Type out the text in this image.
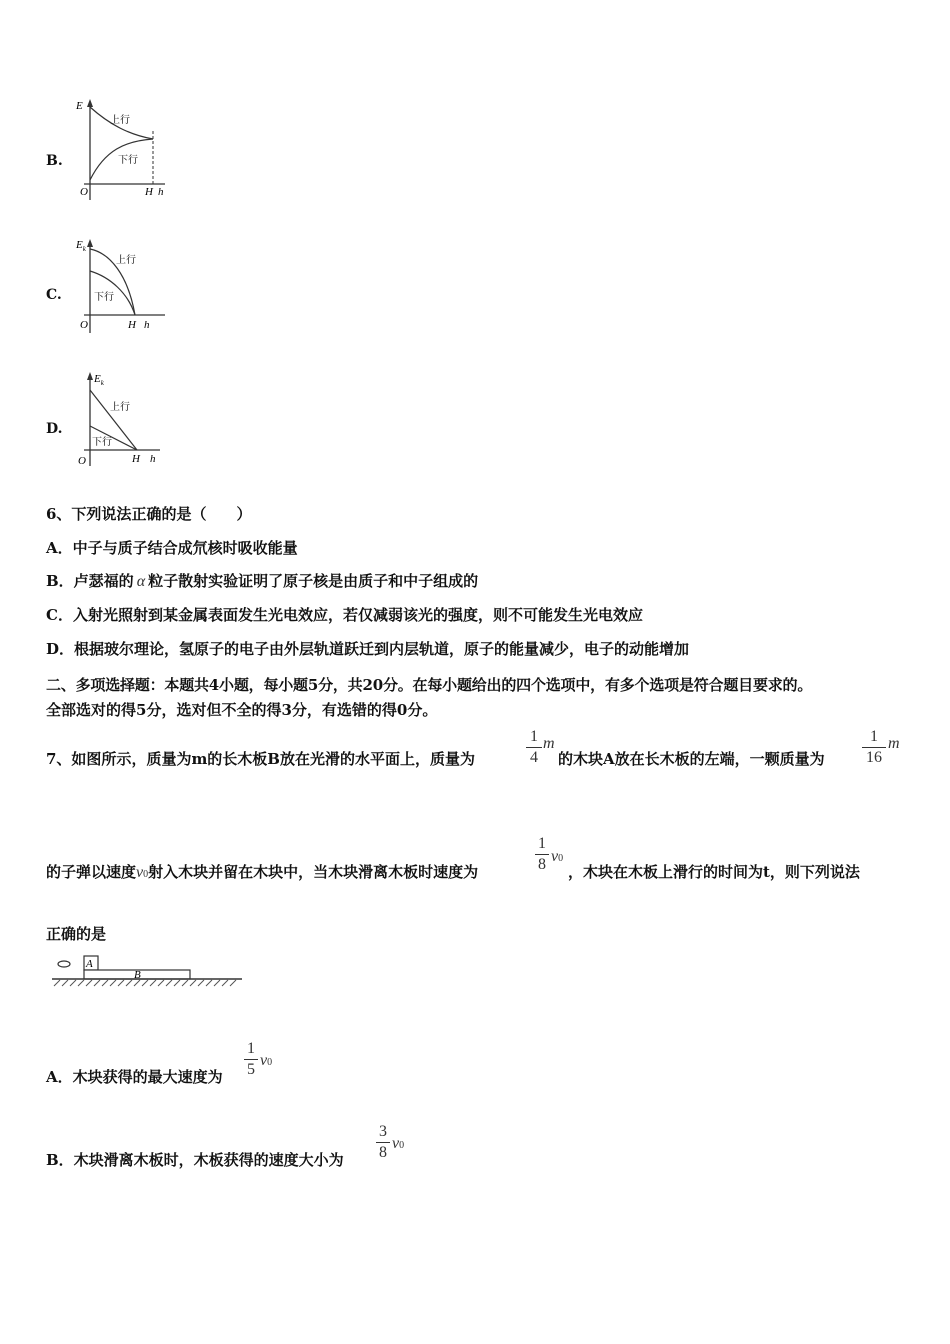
B.
E
上行
下行
O	H h
C.
$E_k$
上行
下行
O	H h
D.
$E_k$
上行
下行
O	H h
6、下列说法正确的是（　　）
A．中子与质子结合成氘核时吸收能量
B．卢瑟福的 α 粒子散射实验证明了原子核是由质子和中子组成的
C．入射光照射到某金属表面发生光电效应，若仅减弱该光的强度，则不可能发生光电效应
D．根据玻尔理论，氢原子的电子由外层轨道跃迁到内层轨道，原子的能量减少，电子的动能增加
二、多项选择题：本题共4小题，每小题5分，共20分。在每小题给出的四个选项中，有多个选项是符合题目要求的。
全部选对的得5分，选对但不全的得3分，有选错的得0分。
7、如图所示，质量为m的长木板B放在光滑的水平面上，质量为
1
4
m
的木块A放在长木板的左端，一颗质量为
1
16
m
的子弹以速度v0射入木块并留在木块中，当木块滑离木板时速度为
1
8 v0
，木块在木板上滑行的时间为t，则下列说法
正确的是
A
B
A．木块获得的最大速度为
1
5
v0
B．木块滑离木板时，木板获得的速度大小为
3
8
v0
